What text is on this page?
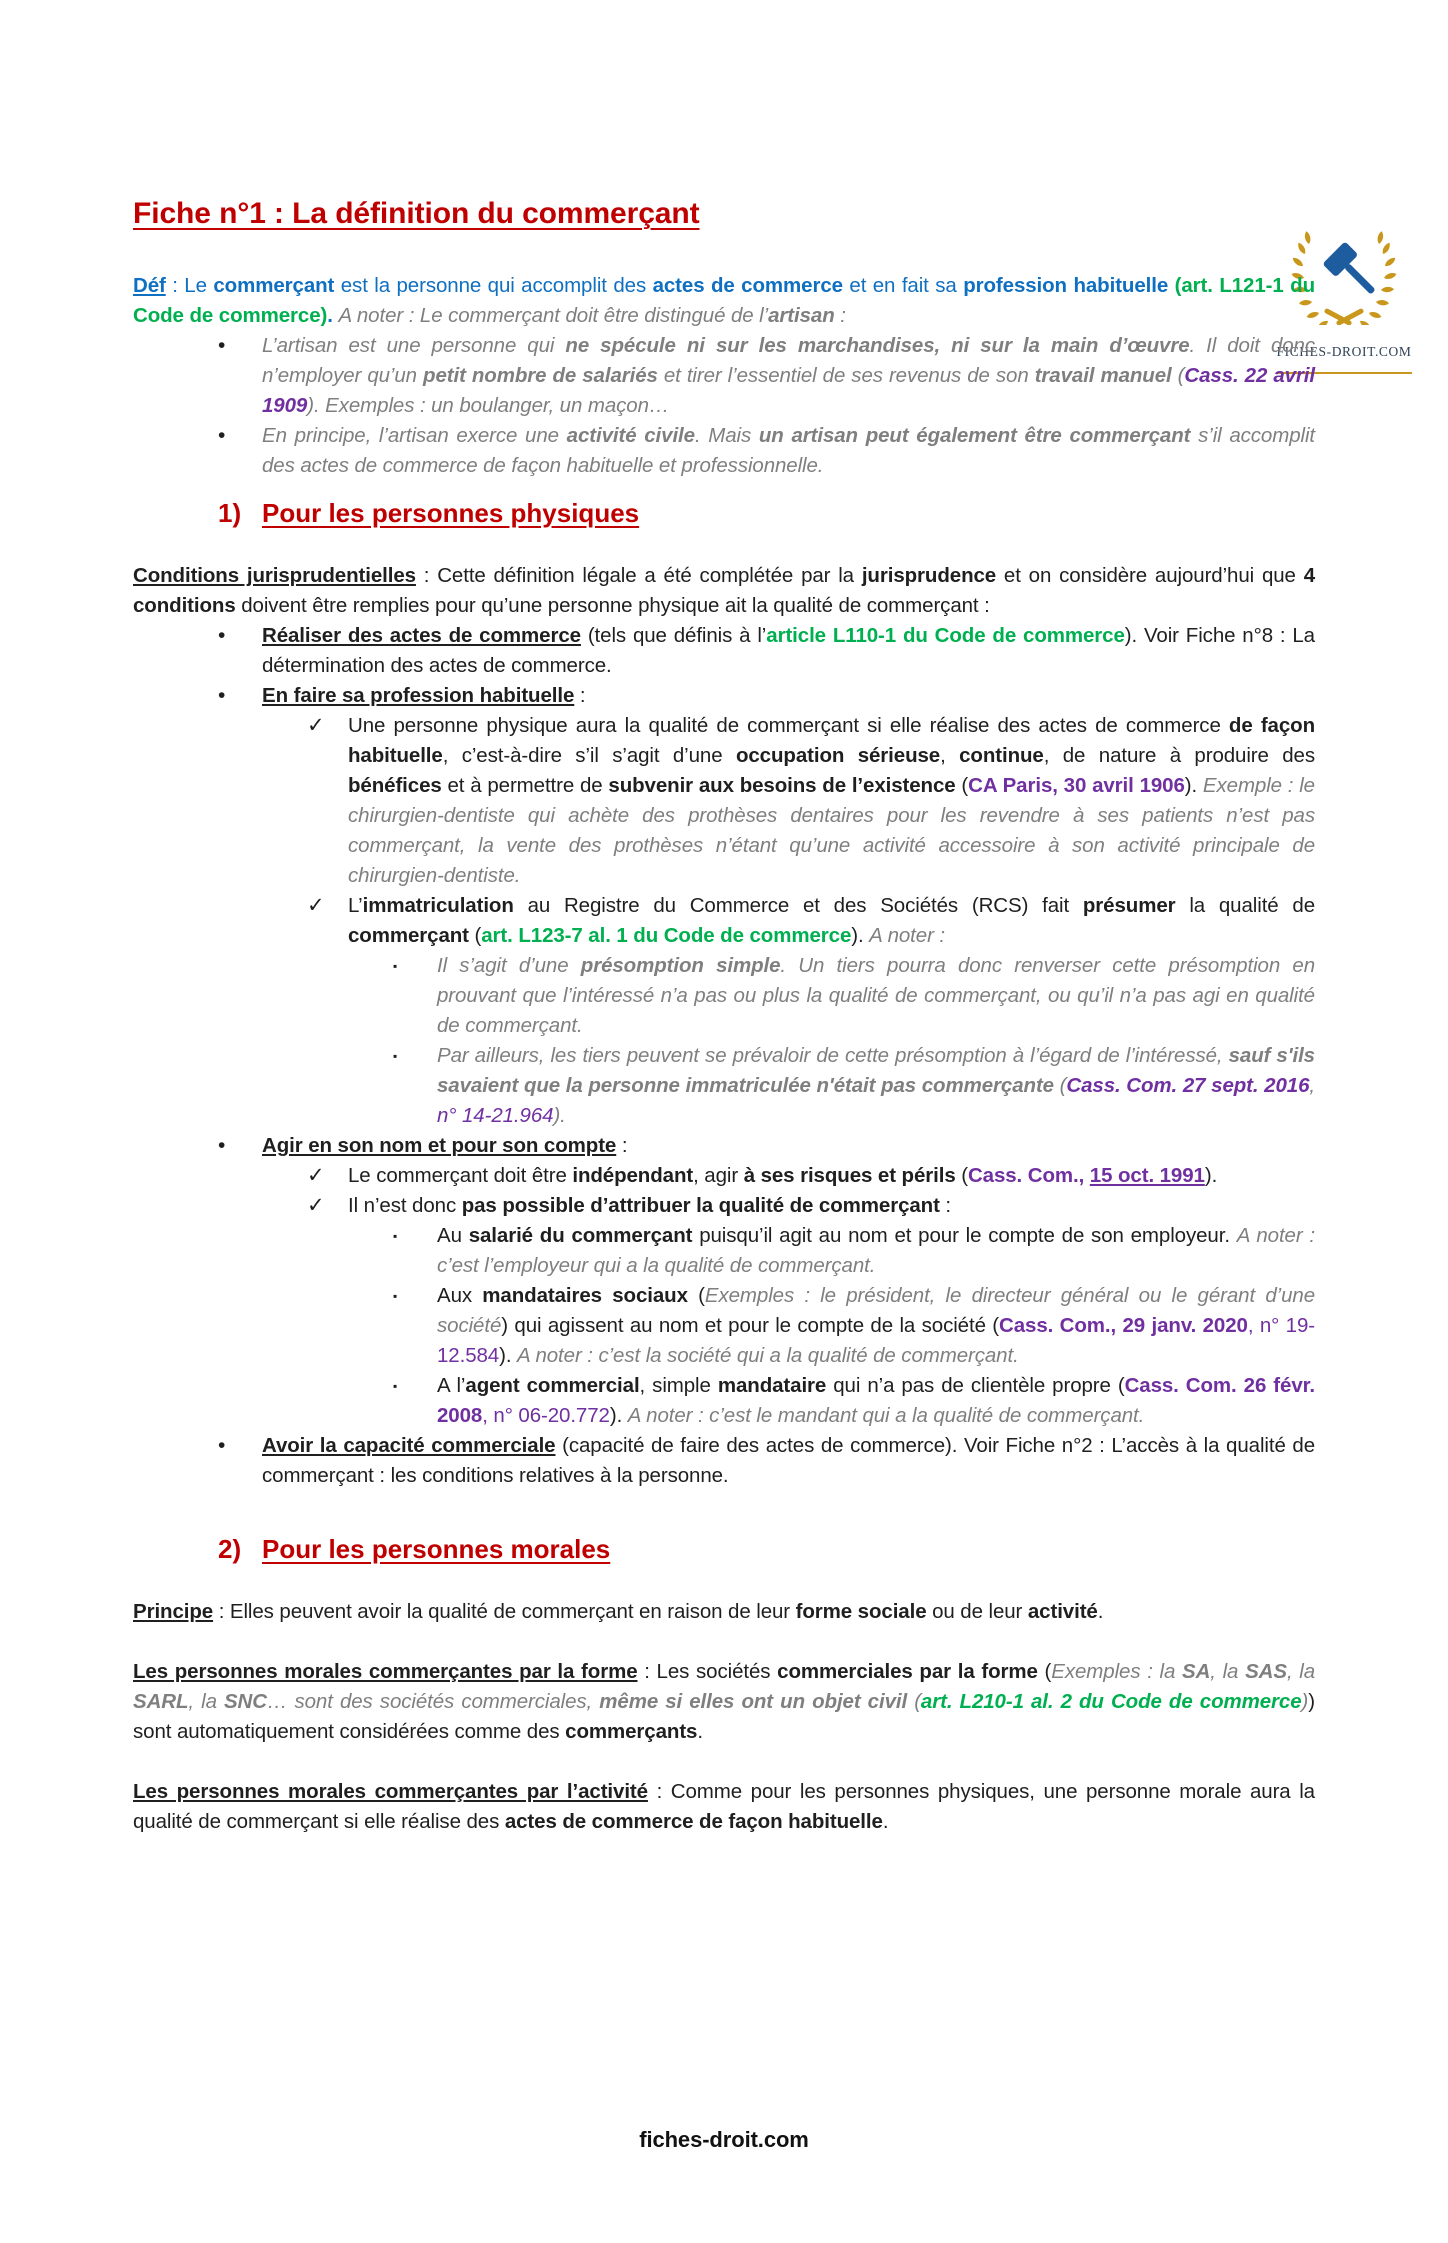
FICHES-DROIT.COM
Fiche n°1 : La définition du commerçant
Déf : Le commerçant est la personne qui accomplit des actes de commerce et en fait sa profession habituelle (art. L121-1 du Code de commerce). A noter : Le commerçant doit être distingué de l’artisan :
• L’artisan est une personne qui ne spécule ni sur les marchandises, ni sur la main d’œuvre. Il doit donc n’employer qu’un petit nombre de salariés et tirer l’essentiel de ses revenus de son travail manuel (Cass. 22 avril 1909). Exemples : un boulanger, un maçon…
• En principe, l’artisan exerce une activité civile. Mais un artisan peut également être commerçant s’il accomplit des actes de commerce de façon habituelle et professionnelle.
1) Pour les personnes physiques
Conditions jurisprudentielles : Cette définition légale a été complétée par la jurisprudence et on considère aujourd’hui que 4 conditions doivent être remplies pour qu’une personne physique ait la qualité de commerçant :
• Réaliser des actes de commerce (tels que définis à l’article L110-1 du Code de commerce). Voir Fiche n°8 : La détermination des actes de commerce.
• En faire sa profession habituelle :
✓ Une personne physique aura la qualité de commerçant si elle réalise des actes de commerce de façon habituelle, c’est-à-dire s’il s’agit d’une occupation sérieuse, continue, de nature à produire des bénéfices et à permettre de subvenir aux besoins de l’existence (CA Paris, 30 avril 1906). Exemple : le chirurgien-dentiste qui achète des prothèses dentaires pour les revendre à ses patients n’est pas commerçant, la vente des prothèses n’étant qu’une activité accessoire à son activité principale de chirurgien-dentiste.
✓ L’immatriculation au Registre du Commerce et des Sociétés (RCS) fait présumer la qualité de commerçant (art. L123-7 al. 1 du Code de commerce). A noter :
▪ Il s’agit d’une présomption simple. Un tiers pourra donc renverser cette présomption en prouvant que l’intéressé n’a pas ou plus la qualité de commerçant, ou qu’il n’a pas agi en qualité de commerçant.
▪ Par ailleurs, les tiers peuvent se prévaloir de cette présomption à l’égard de l’intéressé, sauf s'ils savaient que la personne immatriculée n'était pas commerçante (Cass. Com. 27 sept. 2016, n° 14-21.964).
• Agir en son nom et pour son compte :
✓ Le commerçant doit être indépendant, agir à ses risques et périls (Cass. Com., 15 oct. 1991).
✓ Il n’est donc pas possible d’attribuer la qualité de commerçant :
▪ Au salarié du commerçant puisqu’il agit au nom et pour le compte de son employeur. A noter : c’est l’employeur qui a la qualité de commerçant.
▪ Aux mandataires sociaux (Exemples : le président, le directeur général ou le gérant d’une société) qui agissent au nom et pour le compte de la société (Cass. Com., 29 janv. 2020, n° 19-12.584). A noter : c’est la société qui a la qualité de commerçant.
▪ A l’agent commercial, simple mandataire qui n’a pas de clientèle propre (Cass. Com. 26 févr. 2008, n° 06-20.772). A noter : c’est le mandant qui a la qualité de commerçant.
• Avoir la capacité commerciale (capacité de faire des actes de commerce). Voir Fiche n°2 : L’accès à la qualité de commerçant : les conditions relatives à la personne.
2) Pour les personnes morales
Principe : Elles peuvent avoir la qualité de commerçant en raison de leur forme sociale ou de leur activité.
Les personnes morales commerçantes par la forme : Les sociétés commerciales par la forme (Exemples : la SA, la SAS, la SARL, la SNC… sont des sociétés commerciales, même si elles ont un objet civil (art. L210-1 al. 2 du Code de commerce)) sont automatiquement considérées comme des commerçants.
Les personnes morales commerçantes par l’activité : Comme pour les personnes physiques, une personne morale aura la qualité de commerçant si elle réalise des actes de commerce de façon habituelle.
fiches-droit.com
